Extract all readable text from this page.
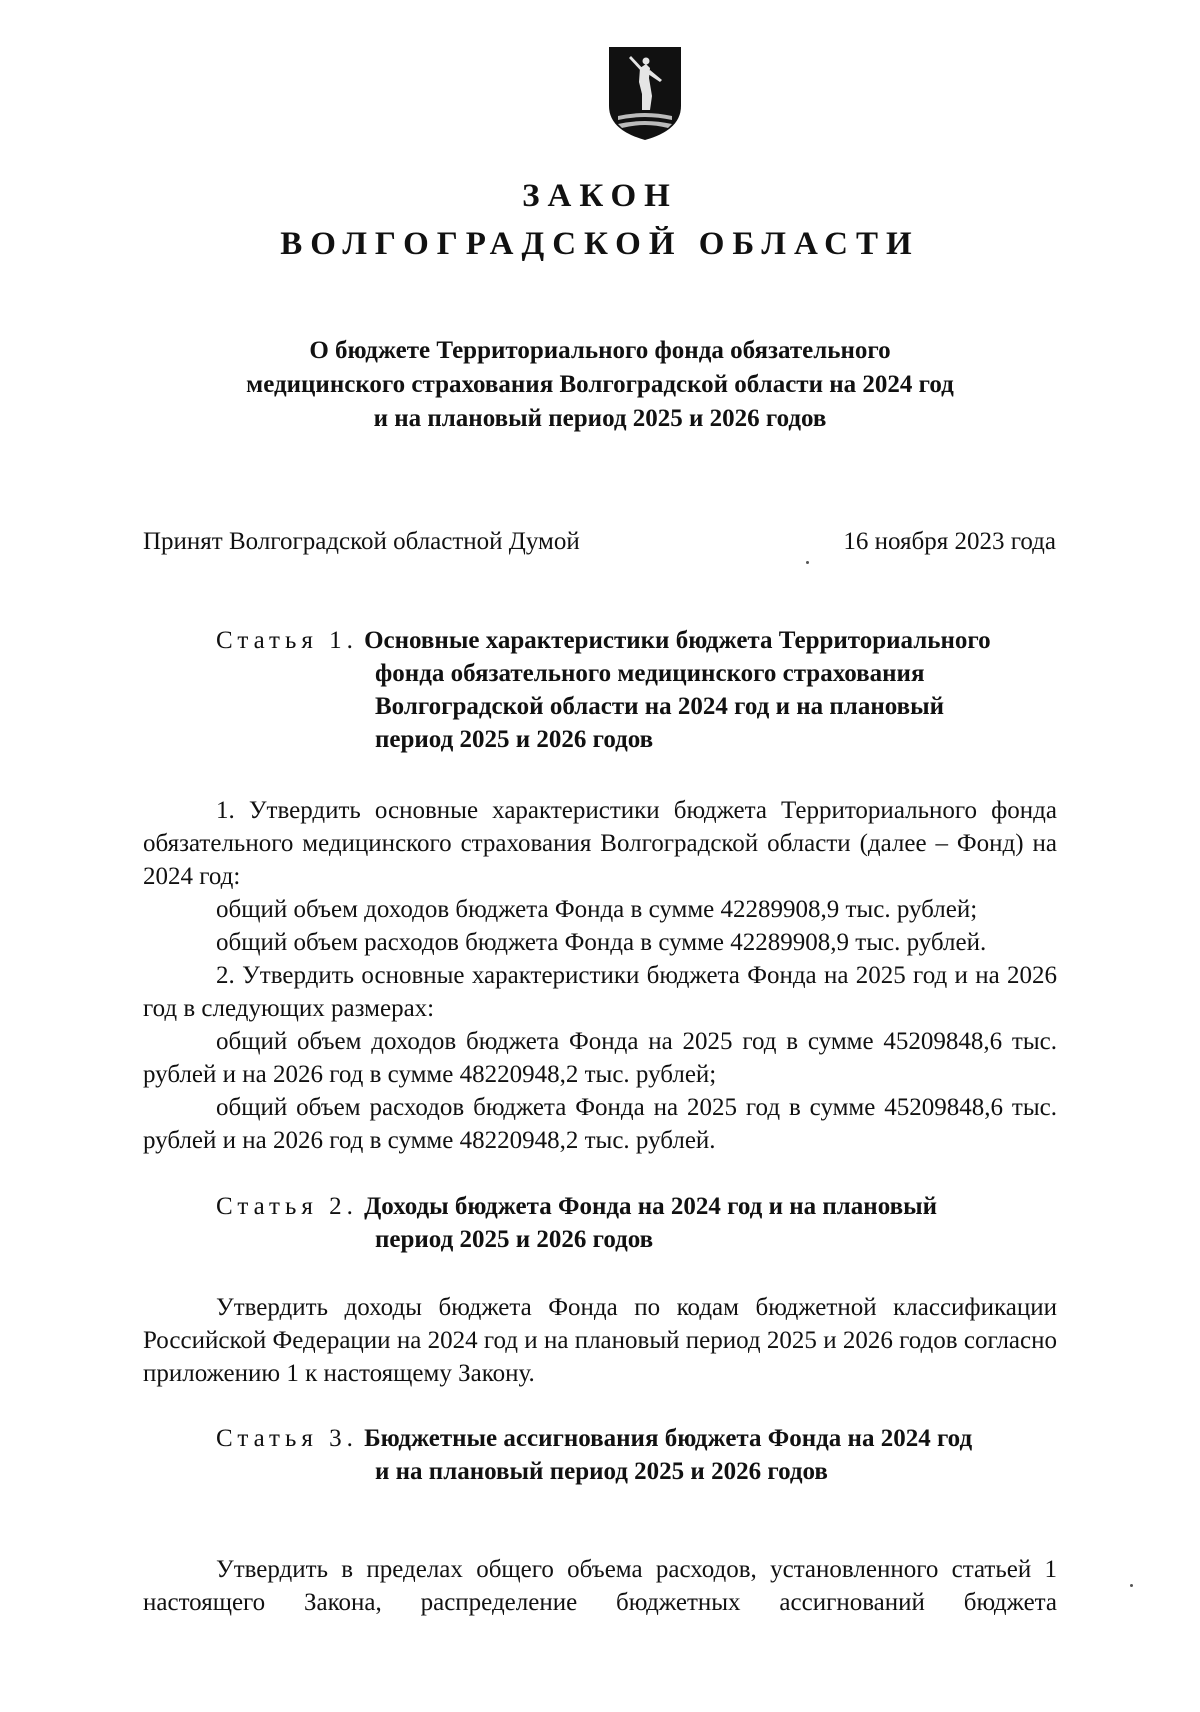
ЗАКОН
ВОЛГОГРАДСКОЙ ОБЛАСТИ
О бюджете Территориального фонда обязательного
медицинского страхования Волгоградской области на 2024 год
и на плановый период 2025 и 2026 годов
Принят Волгоградской областной Думой	16 ноября 2023 года
Статья 1. Основные характеристики бюджета Территориального
фонда обязательного медицинского страхования
Волгоградской области на 2024 год и на плановый
период 2025 и 2026 годов

1. Утвердить основные характеристики бюджета Территориального фонда обязательного медицинского страхования Волгоградской области (далее – Фонд) на 2024 год:

общий объем доходов бюджета Фонда в сумме 42289908,9 тыс. рублей;

общий объем расходов бюджета Фонда в сумме 42289908,9 тыс. рублей.

2. Утвердить основные характеристики бюджета Фонда на 2025 год и на 2026 год в следующих размерах:

общий объем доходов бюджета Фонда на 2025 год в сумме 45209848,6 тыс. рублей и на 2026 год в сумме 48220948,2 тыс. рублей;

общий объем расходов бюджета Фонда на 2025 год в сумме 45209848,6 тыс. рублей и на 2026 год в сумме 48220948,2 тыс. рублей.

Статья 2. Доходы бюджета Фонда на 2024 год и на плановый
период 2025 и 2026 годов

Утвердить доходы бюджета Фонда по кодам бюджетной классификации Российской Федерации на 2024 год и на плановый период 2025 и 2026 годов согласно приложению 1 к настоящему Закону.

Статья 3. Бюджетные ассигнования бюджета Фонда на 2024 год
и на плановый период 2025 и 2026 годов

Утвердить в пределах общего объема расходов, установленного статьей 1 настоящего Закона, распределение бюджетных ассигнований бюджета
